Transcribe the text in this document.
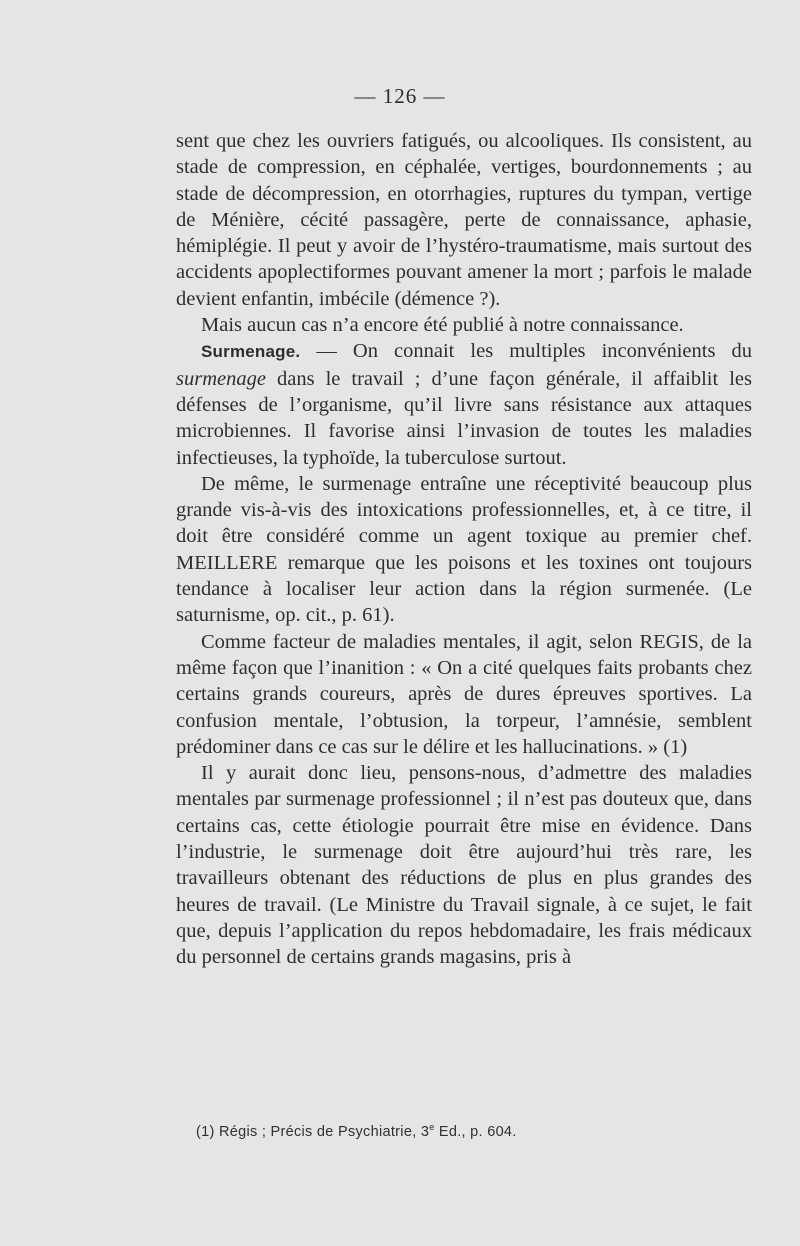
— 126 —

sent que chez les ouvriers fatigués, ou alcooliques. Ils consistent, au stade de compression, en céphalée, vertiges, bourdonnements ; au stade de décompression, en otorrhagies, ruptures du tympan, vertige de Ménière, cécité passagère, perte de connaissance, aphasie, hémiplégie. Il peut y avoir de l’hystéro-traumatisme, mais surtout des accidents apoplectiformes pouvant amener la mort ; parfois le malade devient enfantin, imbécile (démence ?).

Mais aucun cas n’a encore été publié à notre connaissance.

Surmenage. — On connait les multiples inconvénients du surmenage dans le travail ; d’une façon générale, il affaiblit les défenses de l’organisme, qu’il livre sans résistance aux attaques microbiennes. Il favorise ainsi l’invasion de toutes les maladies infectieuses, la typhoïde, la tuberculose surtout.

De même, le surmenage entraîne une réceptivité beaucoup plus grande vis-à-vis des intoxications professionnelles, et, à ce titre, il doit être considéré comme un agent toxique au premier chef. MEILLERE remarque que les poisons et les toxines ont toujours tendance à localiser leur action dans la région surmenée. (Le saturnisme, op. cit., p. 61).

Comme facteur de maladies mentales, il agit, selon REGIS, de la même façon que l’inanition : « On a cité quelques faits probants chez certains grands coureurs, après de dures épreuves sportives. La confusion mentale, l’obtusion, la torpeur, l’amnésie, semblent prédominer dans ce cas sur le délire et les hallucinations. » (1)

Il y aurait donc lieu, pensons-nous, d’admettre des maladies mentales par surmenage professionnel ; il n’est pas douteux que, dans certains cas, cette étiologie pourrait être mise en évidence. Dans l’industrie, le surmenage doit être aujourd’hui très rare, les travailleurs obtenant des réductions de plus en plus grandes des heures de travail. (Le Ministre du Travail signale, à ce sujet, le fait que, depuis l’application du repos hebdomadaire, les frais médicaux du personnel de certains grands magasins, pris à

(1) Régis ; Précis de Psychiatrie, 3e Ed., p. 604.
